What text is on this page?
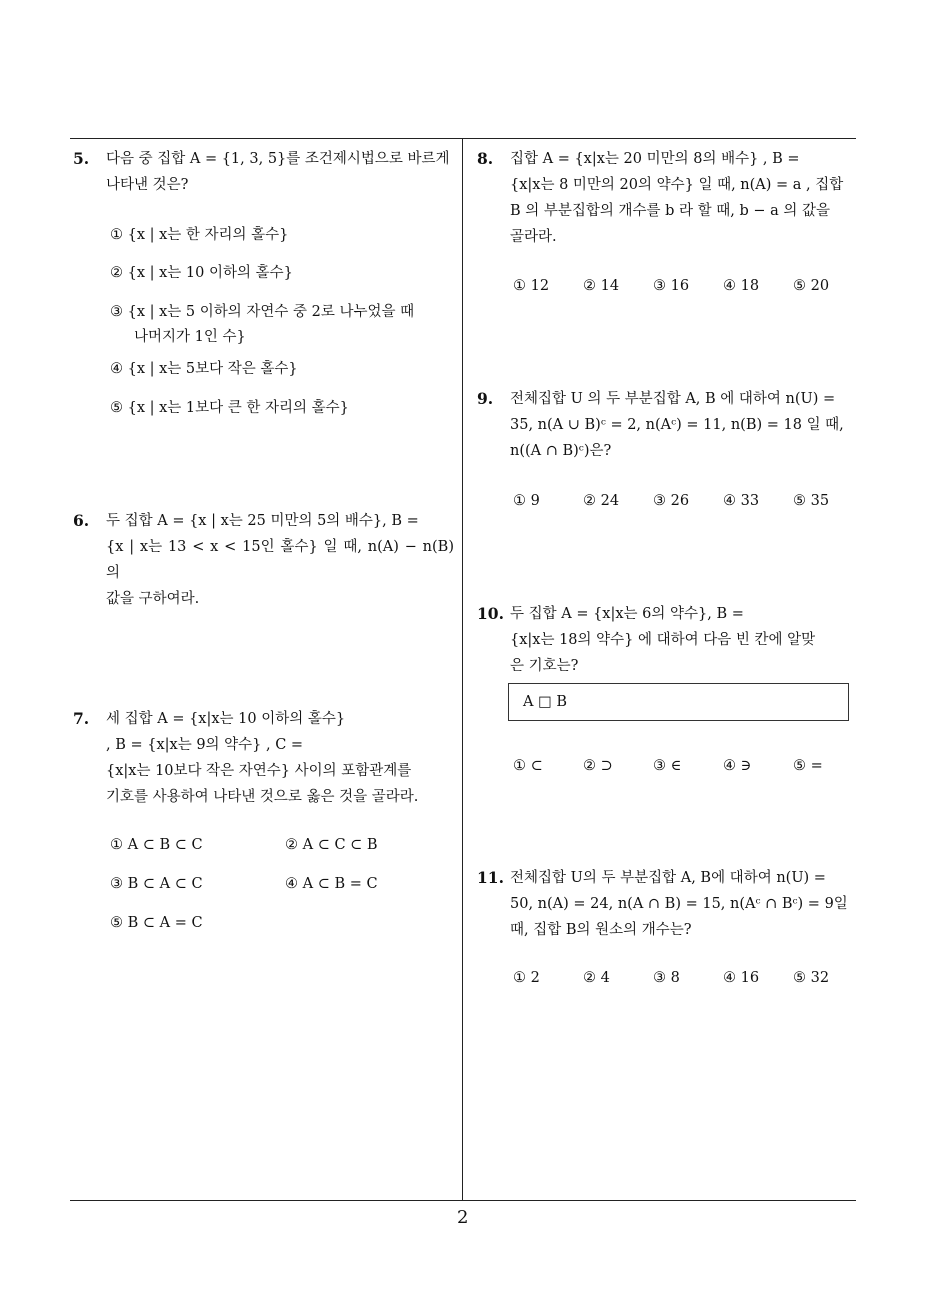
5. 다음 중 집합 A = {1, 3, 5}를 조건제시법으로 바르게
나타낸 것은?
① {x | x는 한 자리의 홀수}
② {x | x는 10 이하의 홀수}
③ {x | x는 5 이하의 자연수 중 2로 나누었을 때
나머지가 1인 수}
④ {x | x는 5보다 작은 홀수}
⑤ {x | x는 1보다 큰 한 자리의 홀수}
6. 두 집합 A = {x | x는 25 미만의 5의 배수}, B =
{x | x는 13 < x < 15인 홀수} 일 때, n(A) − n(B) 의
값을 구하여라.
7. 세 집합 A = {x|x는 10 이하의 홀수}
, B = {x|x는 9의 약수} , C =
{x|x는 10보다 작은 자연수} 사이의 포함관계를
기호를 사용하여 나타낸 것으로 옳은 것을 골라라.
① A ⊂ B ⊂ C	② A ⊂ C ⊂ B
③ B ⊂ A ⊂ C	④ A ⊂ B = C
⑤ B ⊂ A = C
8. 집합 A = {x|x는 20 미만의 8의 배수} , B =
{x|x는 8 미만의 20의 약수} 일 때, n(A) = a , 집합
B 의 부분집합의 개수를 b 라 할 때, b − a 의 값을
골라라.
① 12 ② 14 ③ 16 ④ 18 ⑤ 20
9. 전체집합 U 의 두 부분집합 A, B 에 대하여 n(U) =
35, n(A ∪ B)ᶜ = 2, n(Aᶜ) = 11, n(B) = 18 일 때,
n((A ∩ B)ᶜ)은?
① 9	② 24 ③ 26 ④ 33 ⑤ 35
10. 두 집합 A = {x|x는 6의 약수}, B =
{x|x는 18의 약수} 에 대하여 다음 빈 칸에 알맞
은 기호는?
A □ B
① ⊂	② ⊃	③ ∈	④ ∋	⑤ =
11. 전체집합 U의 두 부분집합 A, B에 대하여 n(U) =
50, n(A) = 24, n(A ∩ B) = 15, n(Aᶜ ∩ Bᶜ) = 9일
때, 집합 B의 원소의 개수는?
① 2	② 4	③ 8	④ 16 ⑤ 32
2
